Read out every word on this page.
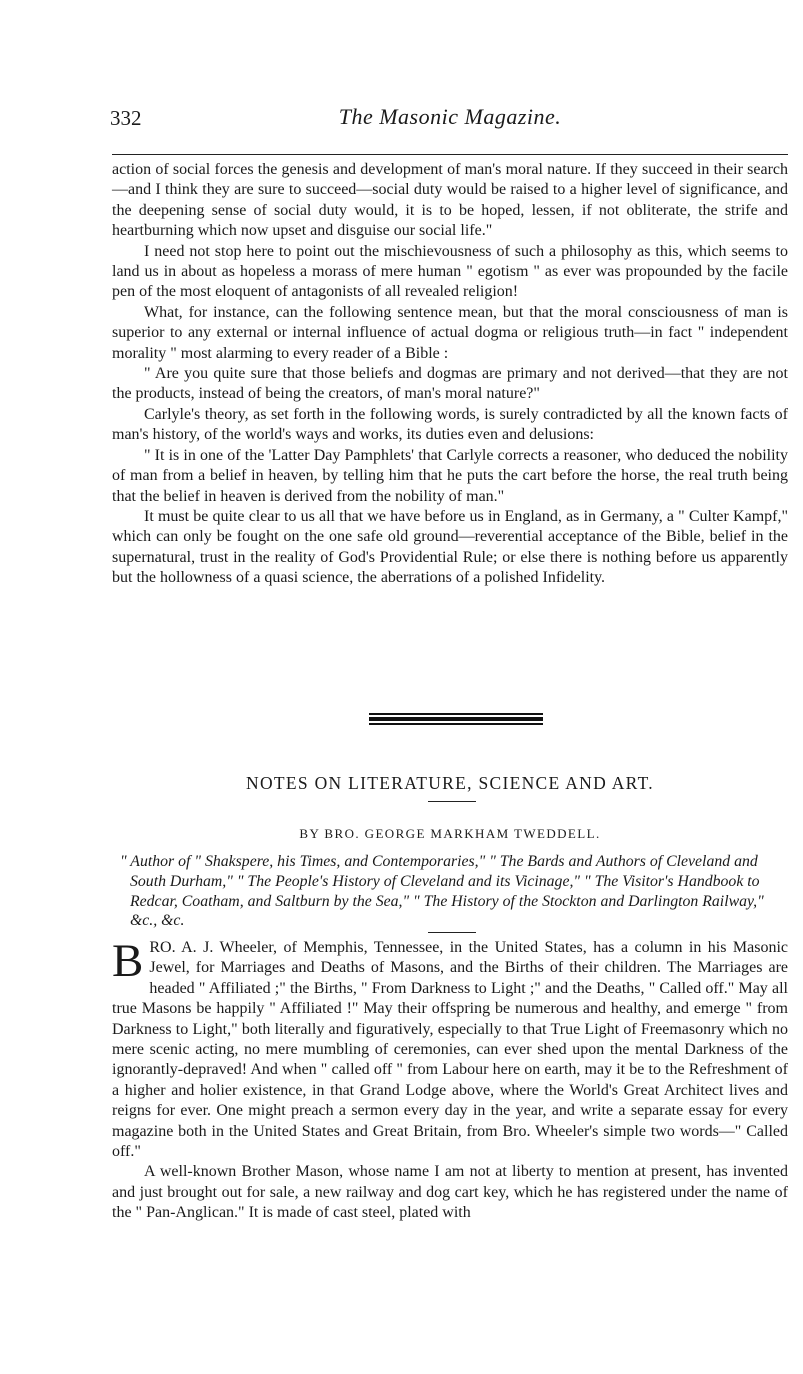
332	The Masonic Magazine.

action of social forces the genesis and development of man's moral nature. If they succeed in their search—and I think they are sure to succeed—social duty would be raised to a higher level of significance, and the deepening sense of social duty would, it is to be hoped, lessen, if not obliterate, the strife and heartburning which now upset and disguise our social life."

I need not stop here to point out the mischievousness of such a philosophy as this, which seems to land us in about as hopeless a morass of mere human " egotism " as ever was propounded by the facile pen of the most eloquent of antagonists of all revealed religion!

What, for instance, can the following sentence mean, but that the moral consciousness of man is superior to any external or internal influence of actual dogma or religious truth—in fact " independent morality " most alarming to every reader of a Bible :

" Are you quite sure that those beliefs and dogmas are primary and not derived—that they are not the products, instead of being the creators, of man's moral nature?"

Carlyle's theory, as set forth in the following words, is surely contradicted by all the known facts of man's history, of the world's ways and works, its duties even and delusions:

" It is in one of the 'Latter Day Pamphlets' that Carlyle corrects a reasoner, who deduced the nobility of man from a belief in heaven, by telling him that he puts the cart before the horse, the real truth being that the belief in heaven is derived from the nobility of man."

It must be quite clear to us all that we have before us in England, as in Germany, a " Culter Kampf," which can only be fought on the one safe old ground—reverential acceptance of the Bible, belief in the supernatural, trust in the reality of God's Providential Rule; or else there is nothing before us apparently but the hollowness of a quasi science, the aberrations of a polished Infidelity.

NOTES ON LITERATURE, SCIENCE AND ART.
BY BRO. GEORGE MARKHAM TWEDDELL.
" Author of " Shakspere, his Times, and Contemporaries," " The Bards and Authors of Cleveland and South Durham," " The People's History of Cleveland and its Vicinage," " The Visitor's Handbook to Redcar, Coatham, and Saltburn by the Sea," " The History of the Stockton and Darlington Railway," &c., &c.

BRO. A. J. Wheeler, of Memphis, Tennessee, in the United States, has a column in his Masonic Jewel, for Marriages and Deaths of Masons, and the Births of their children. The Marriages are headed " Affiliated ;" the Births, " From Darkness to Light ;" and the Deaths, " Called off." May all true Masons be happily " Affiliated !" May their offspring be numerous and healthy, and emerge " from Darkness to Light," both literally and figuratively, especially to that True Light of Freemasonry which no mere scenic acting, no mere mumbling of ceremonies, can ever shed upon the mental Darkness of the ignorantly-depraved! And when " called off " from Labour here on earth, may it be to the Refreshment of a higher and holier existence, in that Grand Lodge above, where the World's Great Architect lives and reigns for ever. One might preach a sermon every day in the year, and write a separate essay for every magazine both in the United States and Great Britain, from Bro. Wheeler's simple two words—" Called off."

A well-known Brother Mason, whose name I am not at liberty to mention at present, has invented and just brought out for sale, a new railway and dog cart key, which he has registered under the name of the " Pan-Anglican." It is made of cast steel, plated with
